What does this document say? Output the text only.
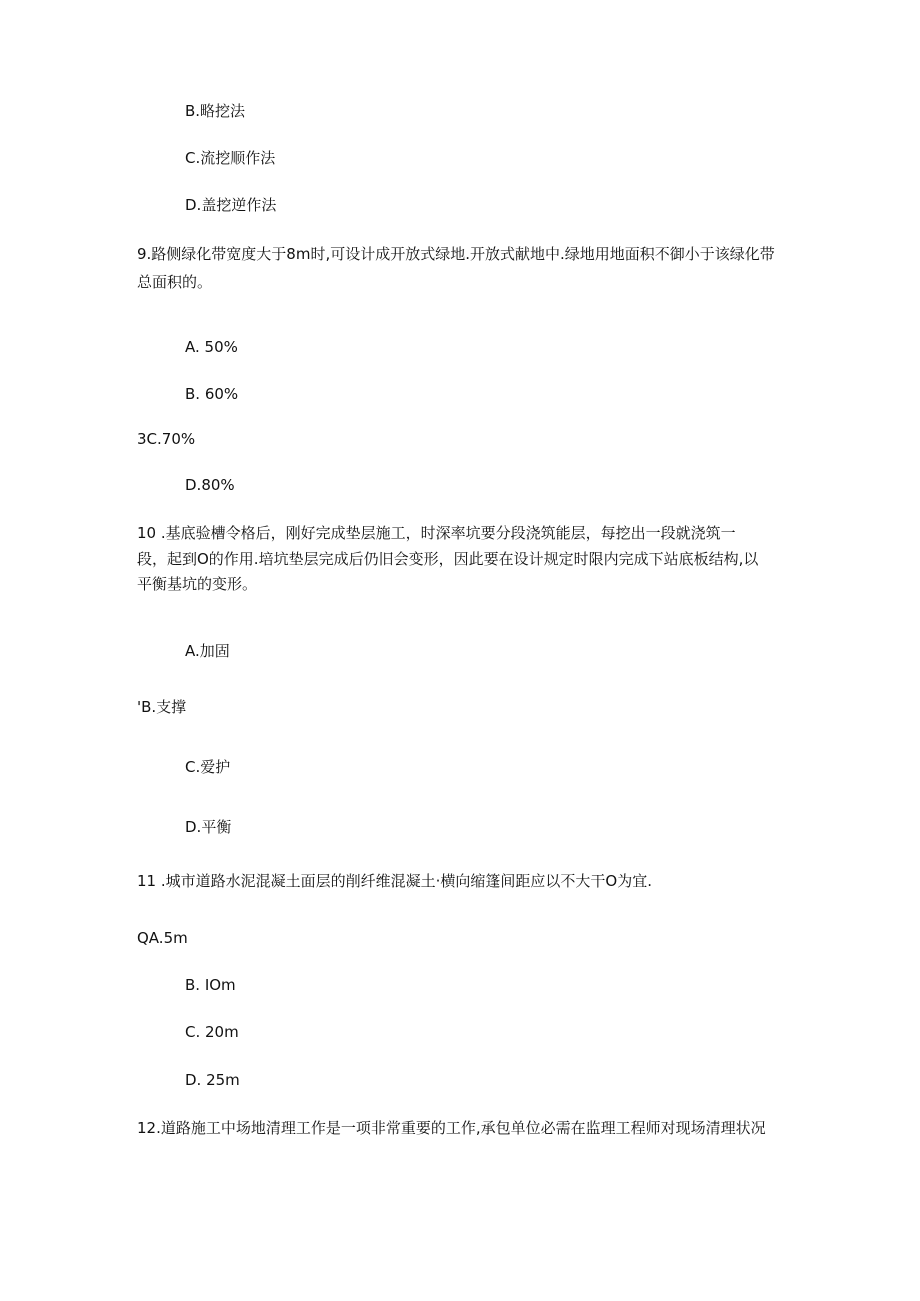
B.略挖法
C.流挖顺作法
D.盖挖逆作法
9.路侧绿化带宽度大于8m时,可设计成开放式绿地.开放式献地中.绿地用地面积不御小于该绿化带
总面积的。
A. 50%
B. 60%
3C.70%
D.80%
10 .基底验槽令格后，刚好完成垫层施工，时深率坑要分段浇筑能层，每挖出一段就浇筑一
段，起到O的作用.培坑垫层完成后仍旧会变形，因此要在设计规定时限内完成下站底板结构,以
平衡基坑的变形。
A.加固
'B.支撑
C.爱护
D.平衡
11 .城市道路水泥混凝土面层的削纤维混凝土·横向缩篷间距应以不大干O为宜.
QA.5m
B. IOm
C. 20m
D. 25m
12.道路施工中场地清理工作是一项非常重要的工作,承包单位必需在监理工程师对现场清理状况
